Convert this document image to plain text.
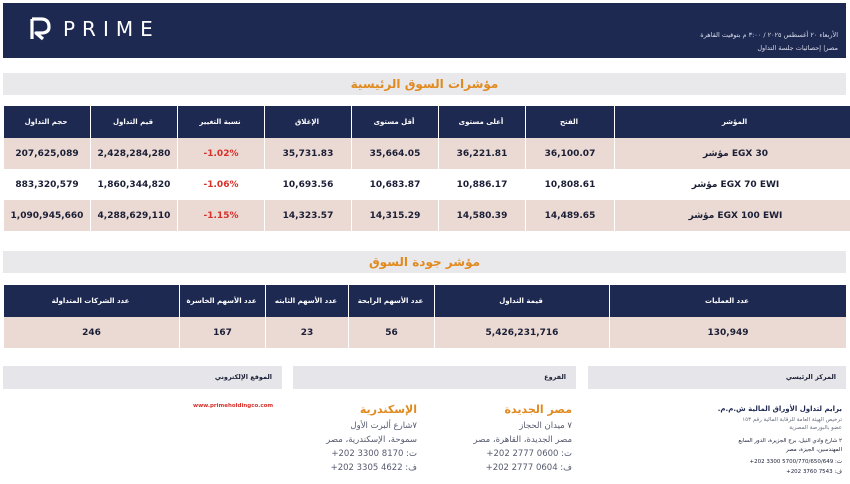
PRIME	الأربعاء ٢٠ أغسطس ٢٠٢٥ / ٣:٠٠ م بتوقيت القاهرة
مصر| إحصائيات جلسة التداول
مؤشرات السوق الرئيسية
حجم التداول	قيم التداول	نسبة التغيير	الإغلاق	أقل مستوى	أعلى مستوى	الفتح	المؤشر
207,625,089	2,428,284,280	-1.02%	35,731.83	35,664.05	36,221.81	36,100.07	مؤشر EGX 30
883,320,579	1,860,344,820	-1.06%	10,693.56	10,683.87	10,886.17	10,808.61	مؤشر EGX 70 EWI
1,090,945,660	4,288,629,110	-1.15%	14,323.57	14,315.29	14,580.39	14,489.65	مؤشر EGX 100 EWI
مؤشر جودة السوق
عدد الشركات المتداولة	عدد الأسهم الخاسرة	عدد الأسهم الثابته	عدد الأسهم الرابحة	قيمة التداول	عدد العمليات
246	167	23	56	5,426,231,716	130,949
الموقع الإلكتروني	الفروع	المركز الرئيسي
www.primeholdingco.com	الإسكندرية
٧شارع ألبرت الأول
سموحة، الإسكندرية، مصر
ت: 8170 3300 202+
ف: 4622 3305 202+
مصر الجديدة
٧ ميدان الحجاز
مصر الجديدة، القاهرة، مصر
ت: 0600 2777 202+
ف: 0604 2777 202+
برايم لتداول الأوراق المالية ش.م.م.
ترخيص الهيئة العامة للرقابة المالية رقم ١٥٣
عضو بالبورصة المصرية
٢ شارع وادي النيل، برج الجزيرة، الدور السابع
المهندسين، الجيزة، مصر
ت: 5700/770/650/649 3300 202+
ف: 7543 3760 202+
